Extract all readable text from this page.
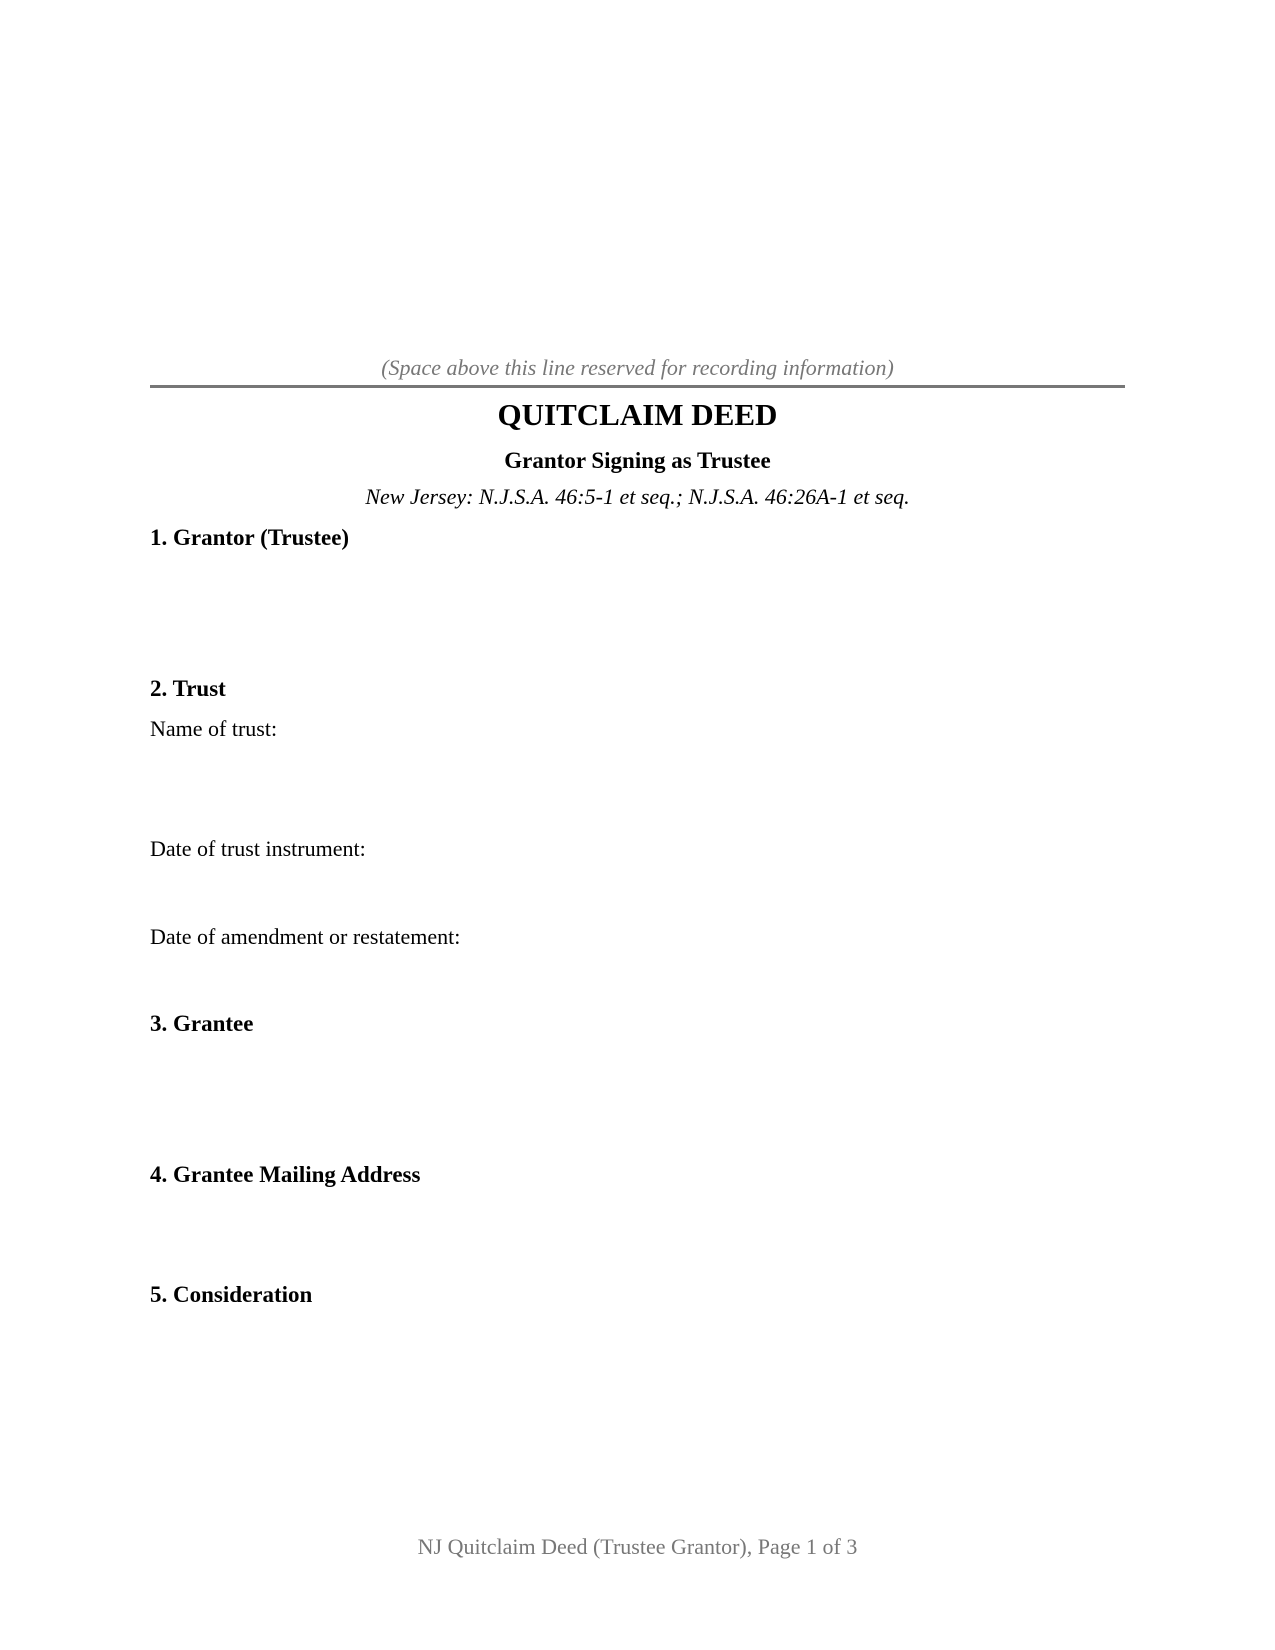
(Space above this line reserved for recording information)
QUITCLAIM DEED
Grantor Signing as Trustee
New Jersey: N.J.S.A. 46:5-1 et seq.; N.J.S.A. 46:26A-1 et seq.
1. Grantor (Trustee)
2. Trust
Name of trust:
Date of trust instrument:
Date of amendment or restatement:
3. Grantee
4. Grantee Mailing Address
5. Consideration
NJ Quitclaim Deed (Trustee Grantor), Page 1 of 3
